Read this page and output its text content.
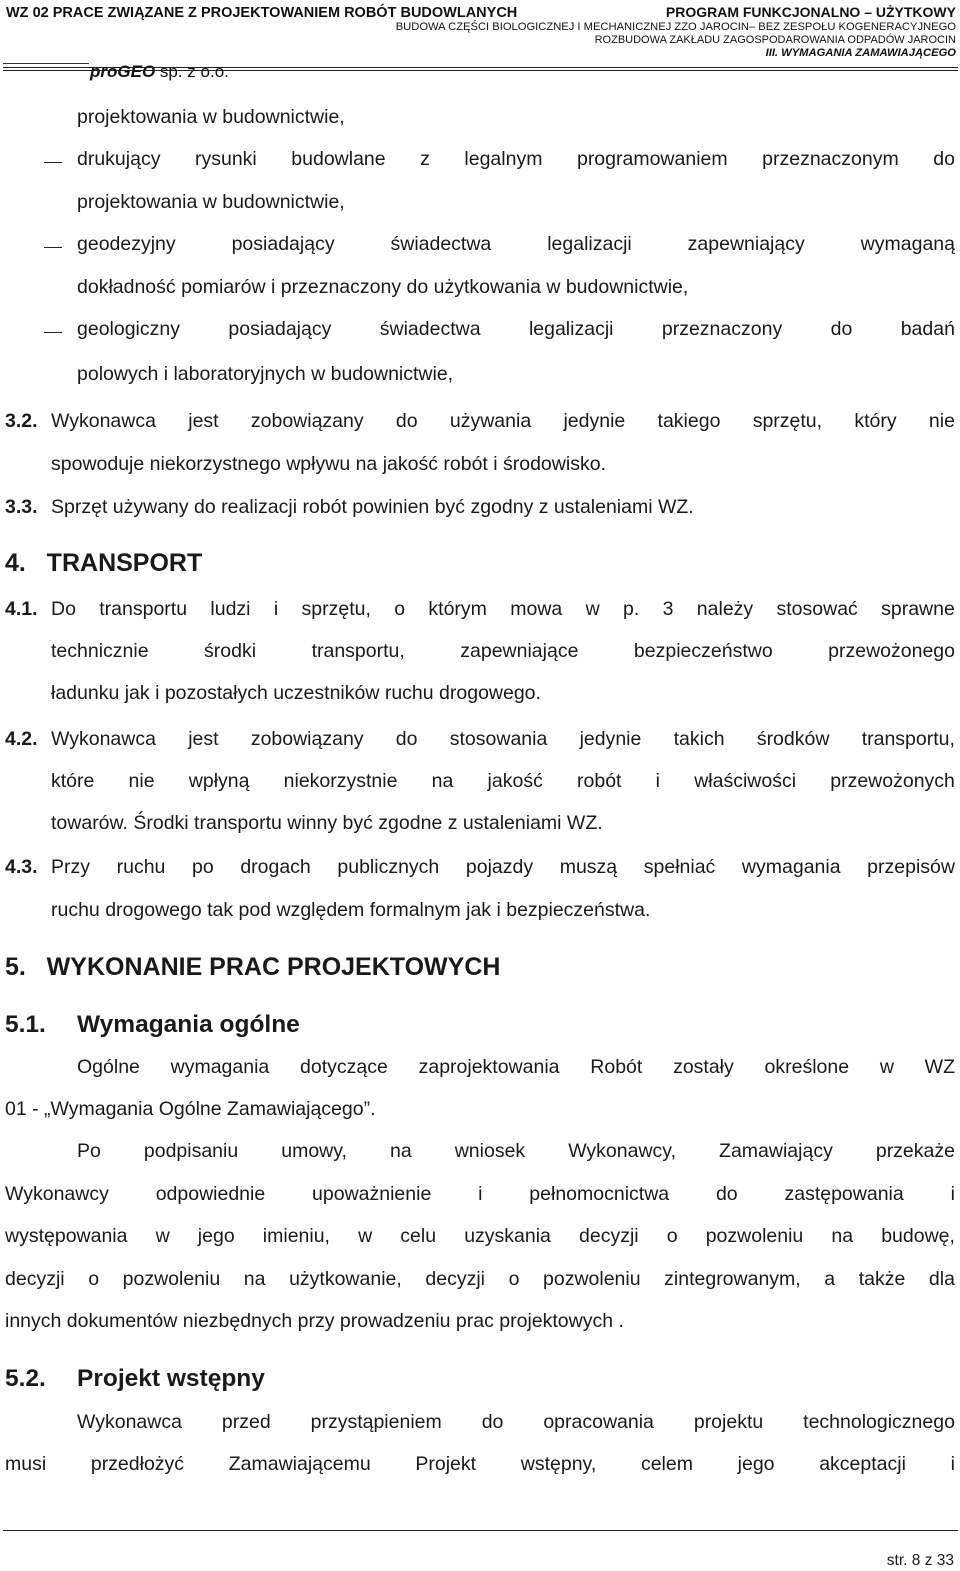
WZ 02 PRACE ZWIĄZANE Z PROJEKTOWANIEM ROBÓT BUDOWLANYCH	PROGRAM FUNKCJONALNO – UŻYTKOWY
BUDOWA CZĘŚCI BIOLOGICZNEJ I MECHANICZNEJ ZZO JAROCIN– BEZ ZESPOŁU KOGENERACYJNEGO
ROZBUDOWA ZAKŁADU ZAGOSPODAROWANIA ODPADÓW JAROCIN
III. WYMAGANIA ZAMAWIAJĄCEGO
proGEO sp. z o.o.
projektowania w budownictwie,
drukujący rysunki budowlane z legalnym programowaniem przeznaczonym do
projektowania w budownictwie,
geodezyjny	posiadający	świadectwa	legalizacji	zapewniający	wymaganą
dokładność pomiarów i przeznaczony do użytkowania w budownictwie,
geologiczny posiadający świadectwa legalizacji przeznaczony do badań
polowych i laboratoryjnych w budownictwie,
3.2. Wykonawca jest zobowiązany do używania jedynie takiego sprzętu, który nie
spowoduje niekorzystnego wpływu na jakość robót i środowisko.
3.3. Sprzęt używany do realizacji robót powinien być zgodny z ustaleniami WZ.
4.   TRANSPORT
4.1. Do transportu ludzi i sprzętu, o którym mowa w p. 3 należy stosować sprawne
technicznie	środki	transportu,	zapewniające	bezpieczeństwo	przewożonego
ładunku jak i pozostałych uczestników ruchu drogowego.
4.2. Wykonawca jest zobowiązany do stosowania jedynie takich środków transportu,
które nie wpłyną niekorzystnie na jakość robót i właściwości przewożonych
towarów. Środki transportu winny być zgodne z ustaleniami WZ.
4.3. Przy ruchu po drogach publicznych pojazdy muszą spełniać wymagania przepisów
ruchu drogowego tak pod względem formalnym jak i bezpieczeństwa.
5.   WYKONANIE PRAC PROJEKTOWYCH
5.1. Wymagania ogólne
Ogólne wymagania dotyczące zaprojektowania Robót zostały określone w WZ
01 - „Wymagania Ogólne Zamawiającego”.
Po podpisaniu umowy, na wniosek Wykonawcy, Zamawiający przekaże
Wykonawcy odpowiednie upoważnienie i pełnomocnictwa do zastępowania i
występowania w jego imieniu, w celu uzyskania decyzji o pozwoleniu na budowę,
decyzji o pozwoleniu na użytkowanie, decyzji o pozwoleniu zintegrowanym, a także dla
innych dokumentów niezbędnych przy prowadzeniu prac projektowych .
5.2. Projekt wstępny
Wykonawca przed przystąpieniem do opracowania projektu technologicznego
musi przedłożyć Zamawiającemu Projekt wstępny, celem jego akceptacji i
str. 8 z 33
